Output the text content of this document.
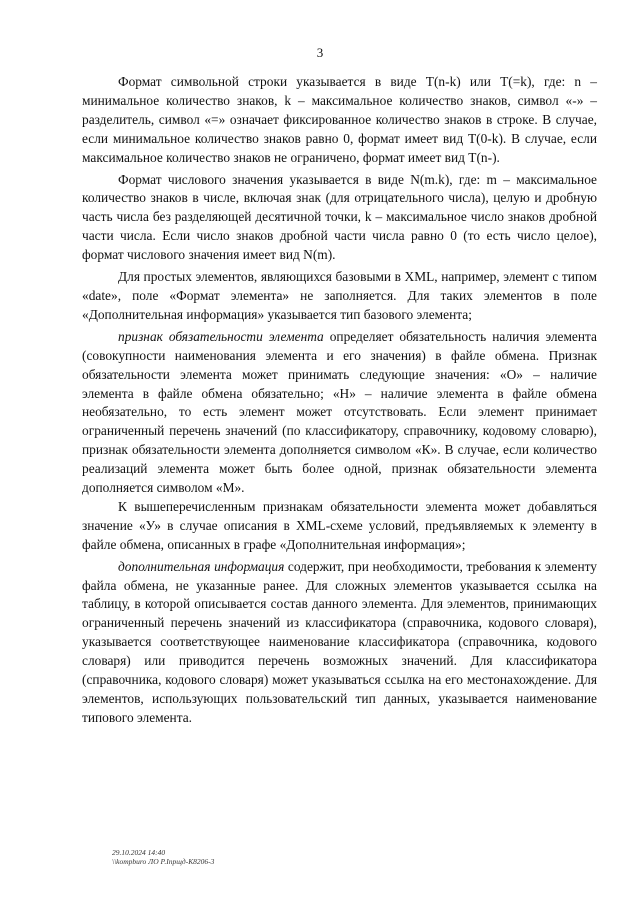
3

Формат символьной строки указывается в виде T(n-k) или T(=k), где: n – минимальное количество знаков, k – максимальное количество знаков, символ «-» – разделитель, символ «=» означает фиксированное количество знаков в строке. В случае, если минимальное количество знаков равно 0, формат имеет вид T(0-k). В случае, если максимальное количество знаков не ограничено, формат имеет вид T(n-).

Формат числового значения указывается в виде N(m.k), где: m – максимальное количество знаков в числе, включая знак (для отрицательного числа), целую и дробную часть числа без разделяющей десятичной точки, k – максимальное число знаков дробной части числа. Если число знаков дробной части числа равно 0 (то есть число целое), формат числового значения имеет вид N(m).

Для простых элементов, являющихся базовыми в XML, например, элемент с типом «date», поле «Формат элемента» не заполняется. Для таких элементов в поле «Дополнительная информация» указывается тип базового элемента;

признак обязательности элемента определяет обязательность наличия элемента (совокупности наименования элемента и его значения) в файле обмена. Признак обязательности элемента может принимать следующие значения: «О» – наличие элемента в файле обмена обязательно; «Н» – наличие элемента в файле обмена необязательно, то есть элемент может отсутствовать. Если элемент принимает ограниченный перечень значений (по классификатору, справочнику, кодовому словарю), признак обязательности элемента дополняется символом «К». В случае, если количество реализаций элемента может быть более одной, признак обязательности элемента дополняется символом «М».

К вышеперечисленным признакам обязательности элемента может добавляться значение «У» в случае описания в XML-схеме условий, предъявляемых к элементу в файле обмена, описанных в графе «Дополнительная информация»;

дополнительная информация содержит, при необходимости, требования к элементу файла обмена, не указанные ранее. Для сложных элементов указывается ссылка на таблицу, в которой описывается состав данного элемента. Для элементов, принимающих ограниченный перечень значений из классификатора (справочника, кодового словаря), указывается соответствующее наименование классификатора (справочника, кодового словаря) или приводится перечень возможных значений. Для классификатора (справочника, кодового словаря) может указываться ссылка на его местонахождение. Для элементов, использующих пользовательский тип данных, указывается наименование типового элемента.

29.10.2024 14:40
\\kompburo ЛО Р.Iпрщд-К8206-3
